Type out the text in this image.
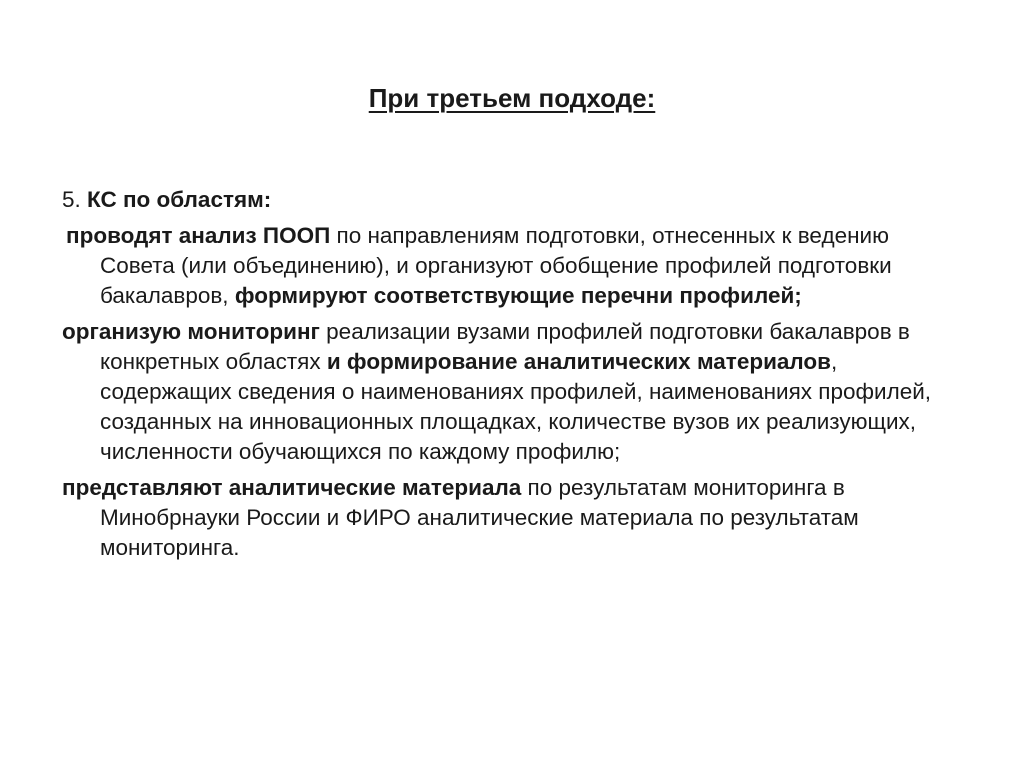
При третьем подходе:
5. КС по областям:
проводят анализ ПООП по направлениям подготовки, отнесенных к ведению Совета (или объединению), и организуют обобщение профилей подготовки бакалавров, формируют соответствующие перечни профилей;
организую мониторинг реализации вузами профилей подготовки бакалавров в конкретных областях и формирование аналитических материалов, содержащих сведения о наименованиях профилей, наименованиях профилей, созданных на инновационных площадках, количестве вузов их реализующих, численности обучающихся по каждому профилю;
представляют аналитические материала по результатам мониторинга в Минобрнауки России и ФИРО аналитические материала по результатам мониторинга.
